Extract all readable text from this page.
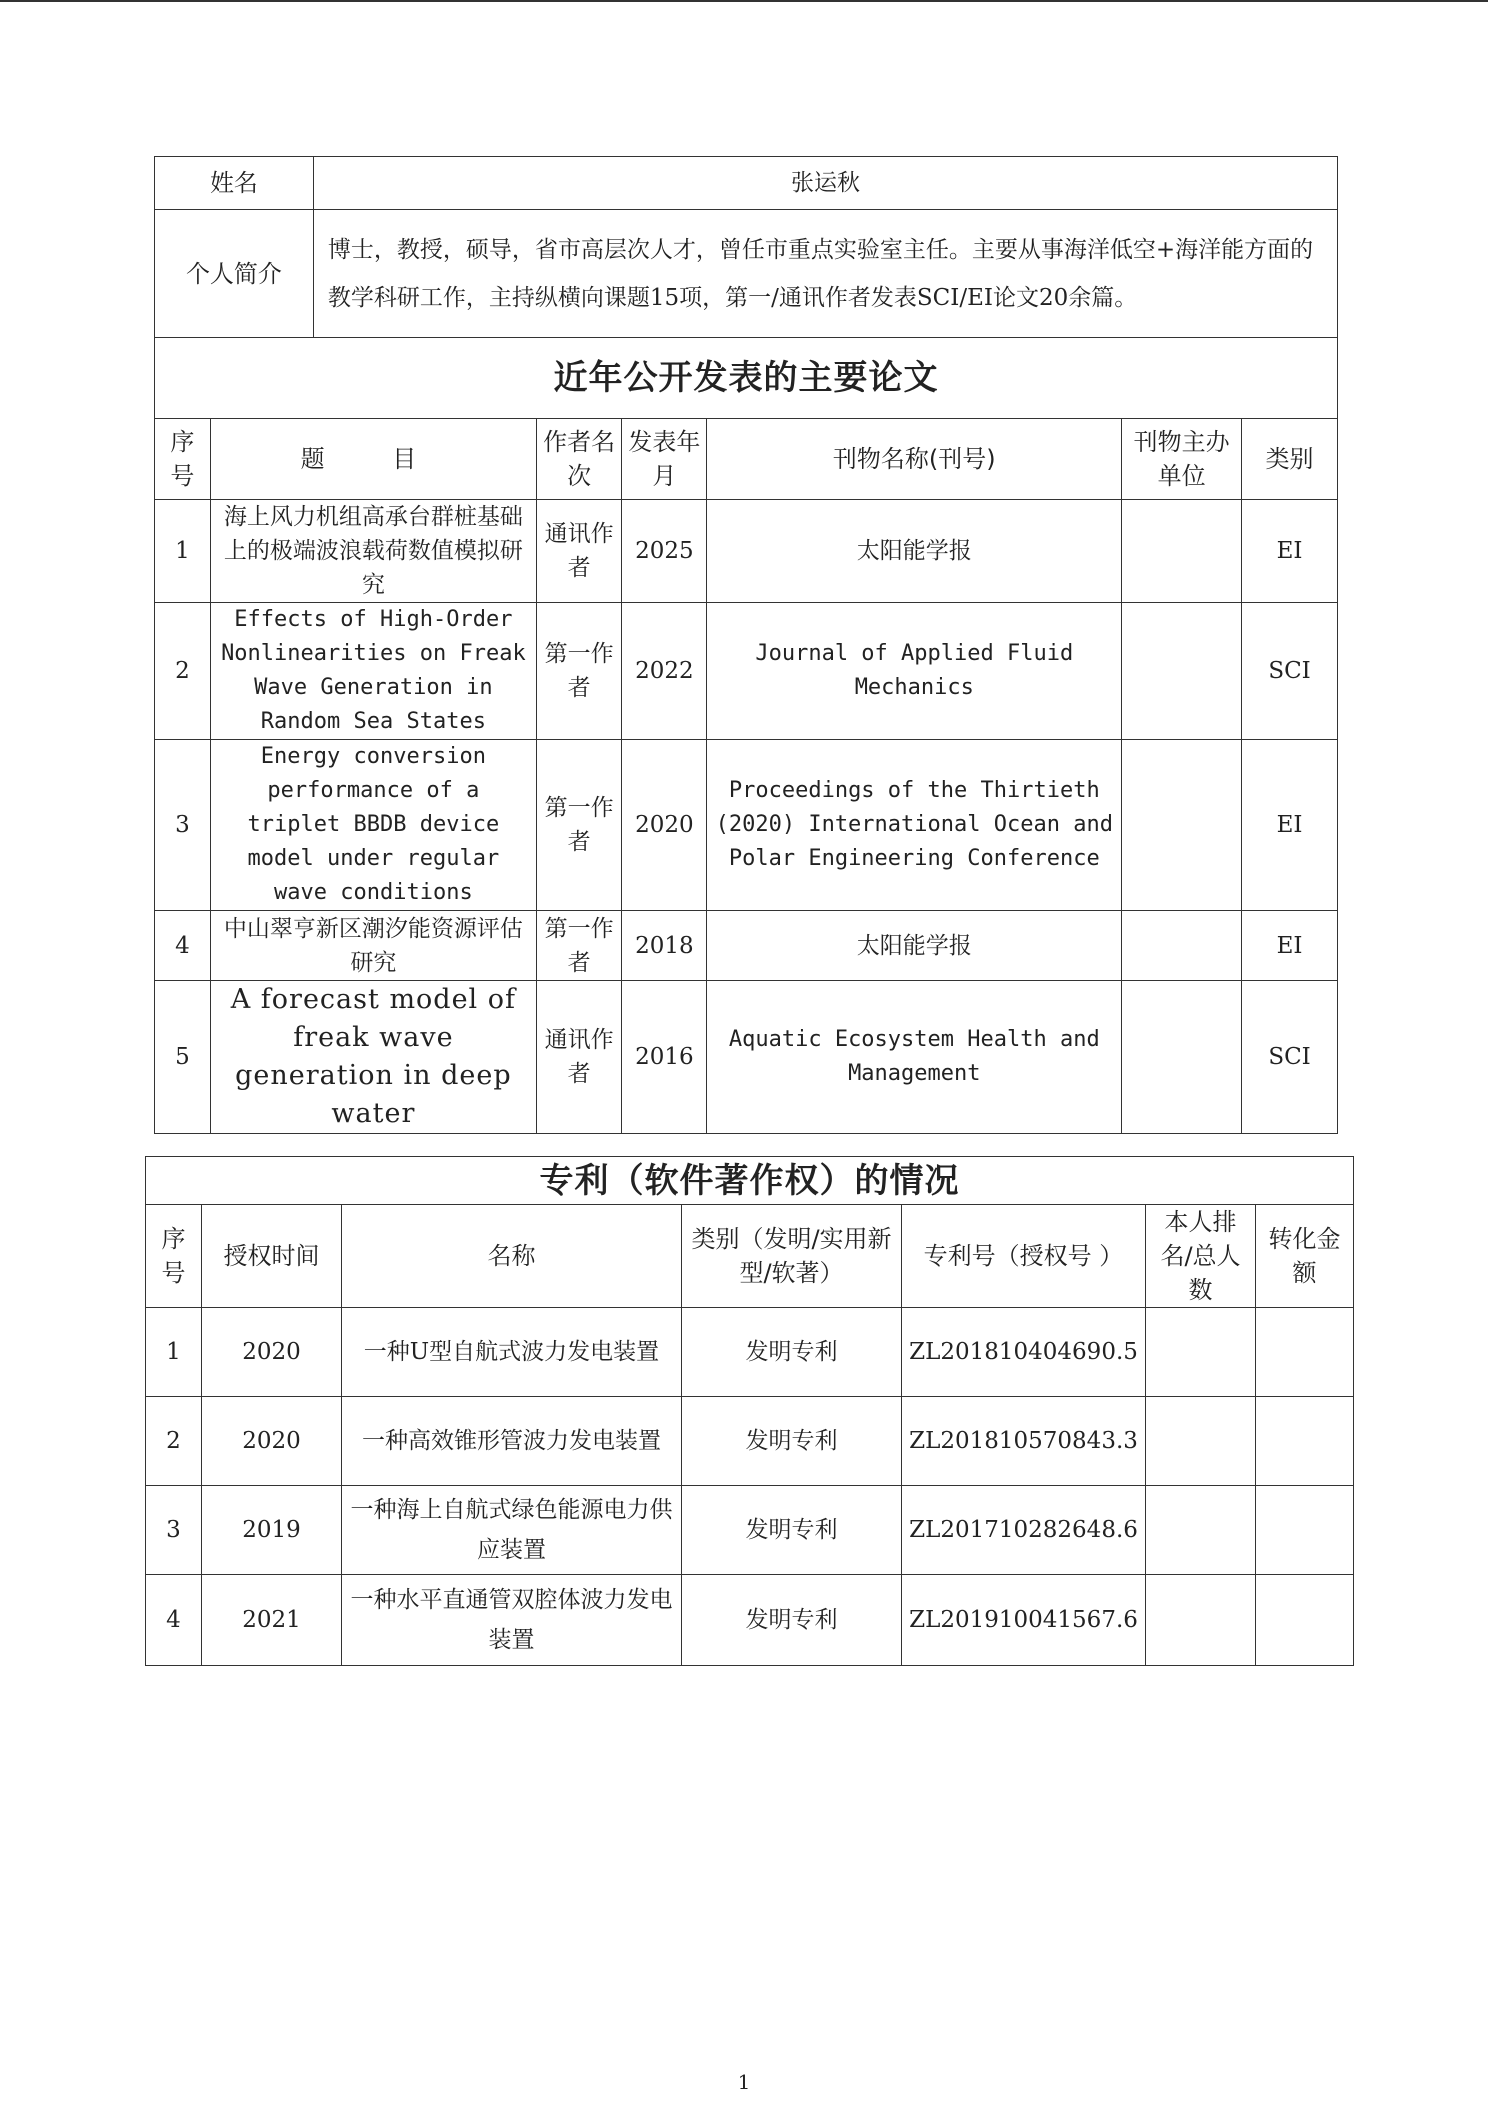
姓名		张运秋					
个人简介		博士，教授，硕导，省市高层次人才，曾任市重点实验室主任。主要从事海洋低空+海洋能方面的教学科研工作，主持纵横向课题15项，第一/通讯作者发表SCI/EI论文20余篇。					
近年公开发表的主要论文							
序号	题 目		作者名次	发表年月	刊物名称(刊号)	刊物主办单位	类别
1	海上风力机组高承台群桩基础上的极端波浪载荷数值模拟研究		通讯作者	2025	太阳能学报		EI
2	Effects of High-Order Nonlinearities on Freak Wave Generation in Random Sea States		第一作者	2022	Journal of Applied Fluid Mechanics		SCI
3	Energy conversion performance of a triplet BBDB device model under regular wave conditions		第一作者	2020	Proceedings of the Thirtieth (2020) International Ocean and Polar Engineering Conference		EI
4	中山翠亨新区潮汐能资源评估研究		第一作者	2018	太阳能学报		EI
5	A forecast model of freak wave generation in deep water		通讯作者	2016	Aquatic Ecosystem Health and Management		SCI
专利（软件著作权）的情况						
序号	授权时间	名称	类别（发明/实用新型/软著）	专利号（授权号 ）	本人排名/总人数	转化金额
1	2020	一种U型自航式波力发电装置	发明专利	ZL201810404690.5		
2	2020	一种高效锥形管波力发电装置	发明专利	ZL201810570843.3		
3	2019	一种海上自航式绿色能源电力供应装置	发明专利	ZL201710282648.6		
4	2021	一种水平直通管双腔体波力发电装置	发明专利	ZL201910041567.6		
1
